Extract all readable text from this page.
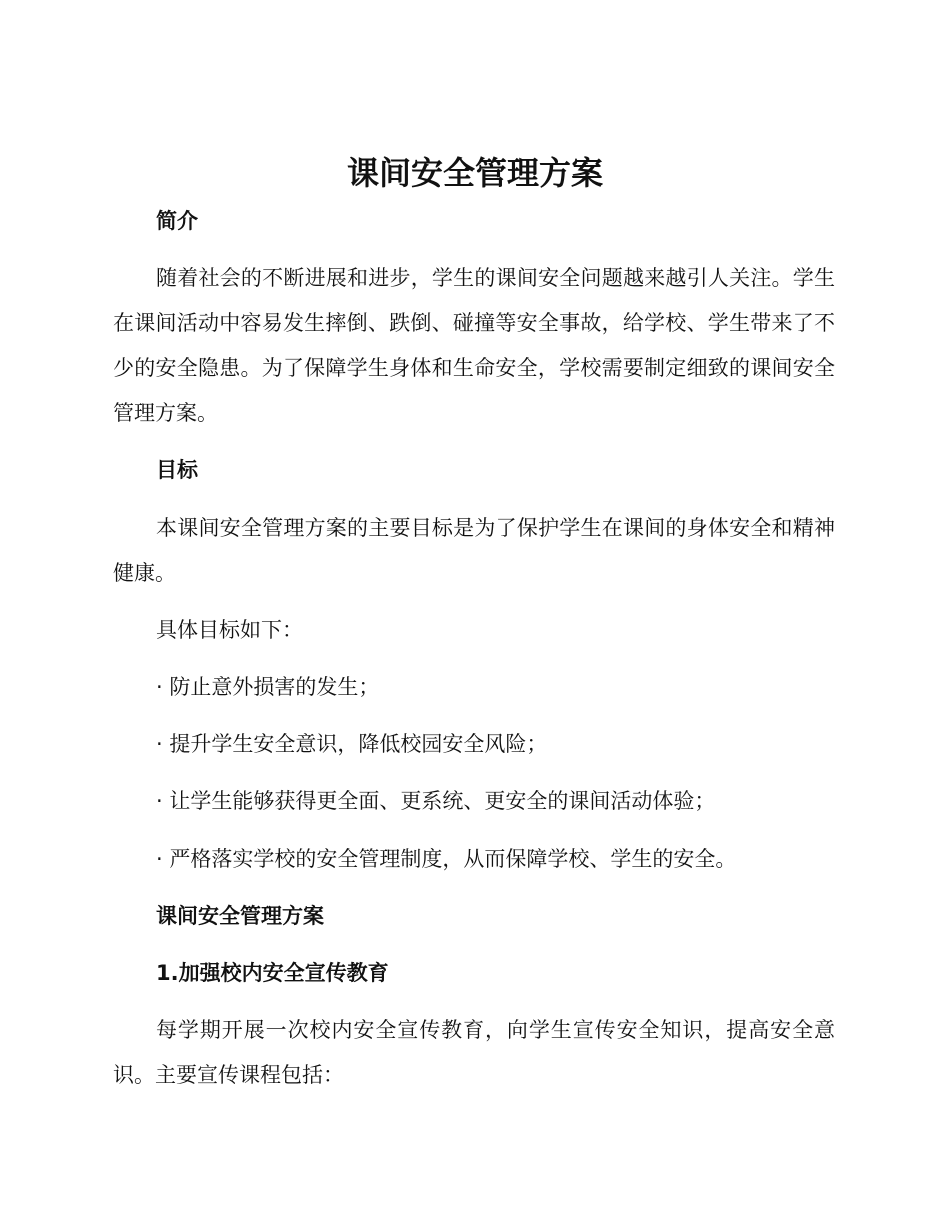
课间安全管理方案

简介

随着社会的不断进展和进步，学生的课间安全问题越来越引人关注。学生在课间活动中容易发生摔倒、跌倒、碰撞等安全事故，给学校、学生带来了不少的安全隐患。为了保障学生身体和生命安全，学校需要制定细致的课间安全管理方案。

目标

本课间安全管理方案的主要目标是为了保护学生在课间的身体安全和精神健康。

具体目标如下：

· 防止意外损害的发生；

· 提升学生安全意识，降低校园安全风险；

· 让学生能够获得更全面、更系统、更安全的课间活动体验；

· 严格落实学校的安全管理制度，从而保障学校、学生的安全。

课间安全管理方案

1.加强校内安全宣传教育

每学期开展一次校内安全宣传教育，向学生宣传安全知识，提高安全意识。主要宣传课程包括：
